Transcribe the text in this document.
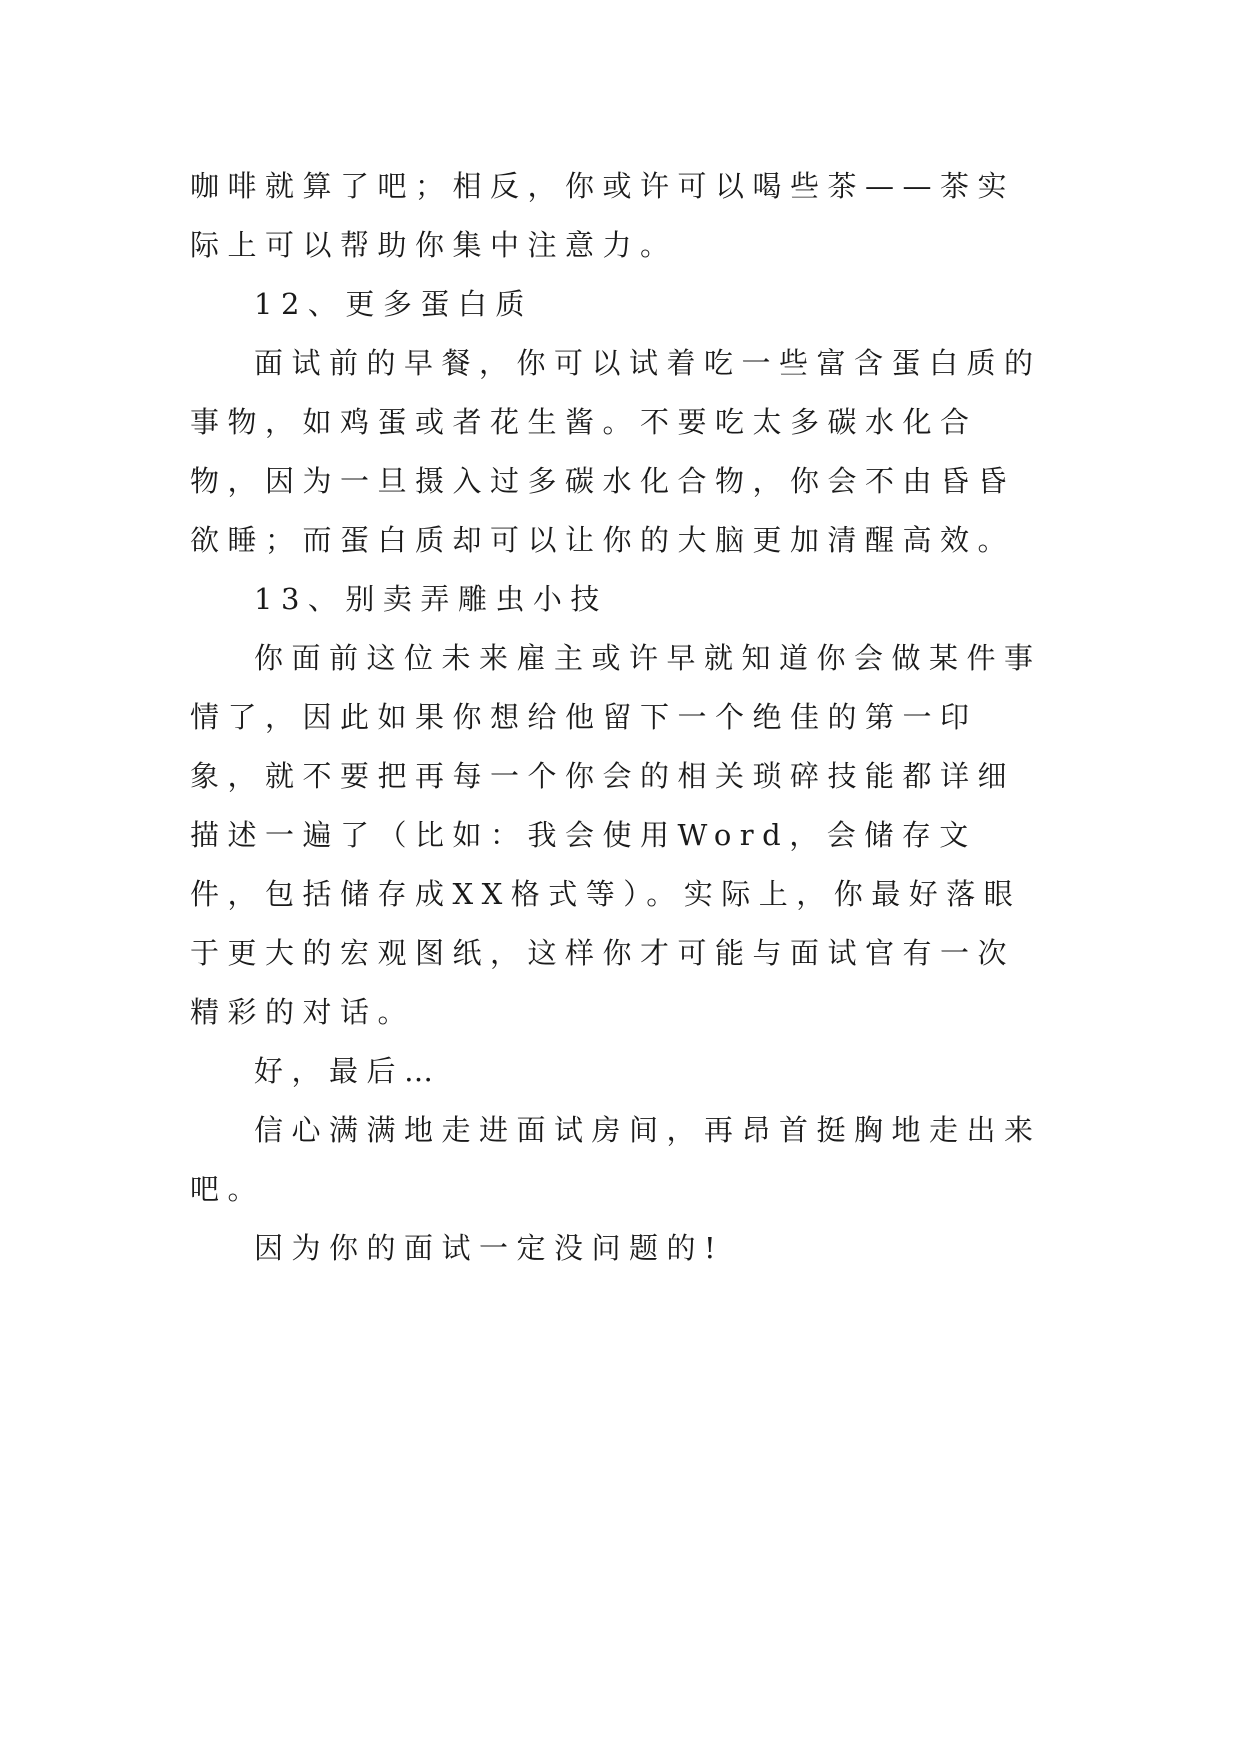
咖啡就算了吧；相反，你或许可以喝些茶——茶实际上可以帮助你集中注意力。

12、更多蛋白质

面试前的早餐，你可以试着吃一些富含蛋白质的事物，如鸡蛋或者花生酱。不要吃太多碳水化合物，因为一旦摄入过多碳水化合物，你会不由昏昏欲睡；而蛋白质却可以让你的大脑更加清醒高效。

13、别卖弄雕虫小技

你面前这位未来雇主或许早就知道你会做某件事情了，因此如果你想给他留下一个绝佳的第一印象，就不要把再每一个你会的相关琐碎技能都详细描述一遍了（比如：我会使用Word，会储存文件，包括储存成XX格式等）。实际上，你最好落眼于更大的宏观图纸，这样你才可能与面试官有一次精彩的对话。

好，最后…

信心满满地走进面试房间，再昂首挺胸地走出来吧。

因为你的面试一定没问题的!
